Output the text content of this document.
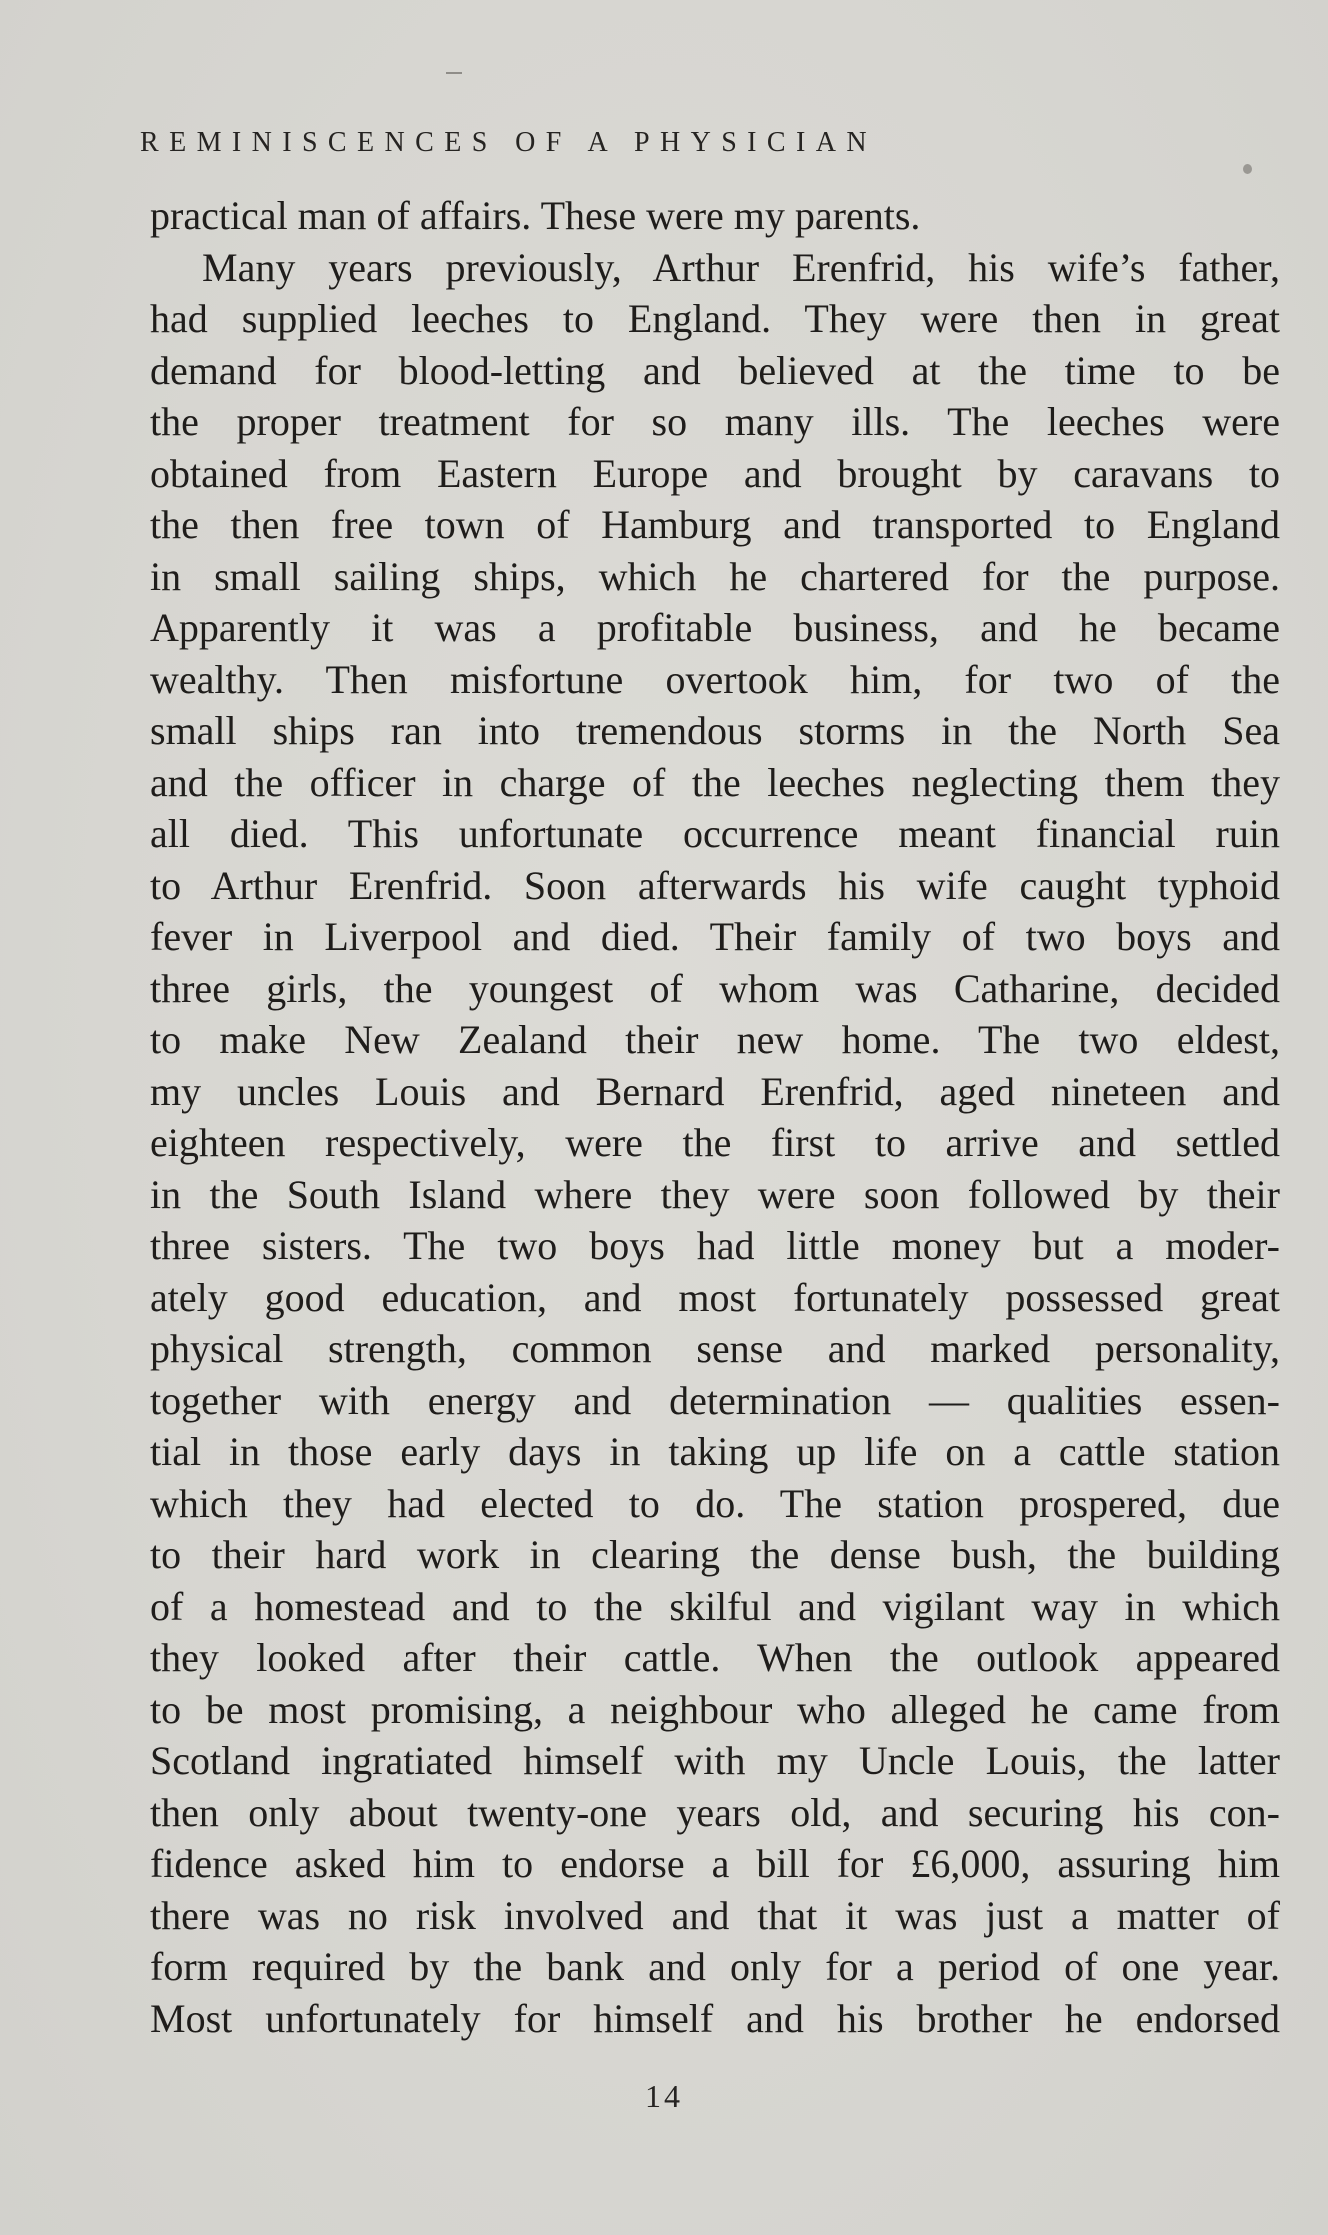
REMINISCENCES OF A PHYSICIAN
practical man of affairs. These were my parents.
Many years previously, Arthur Erenfrid, his wife’s father,
had supplied leeches to England. They were then in great
demand for blood-letting and believed at the time to be
the proper treatment for so many ills. The leeches were
obtained from Eastern Europe and brought by caravans to
the then free town of Hamburg and transported to England
in small sailing ships, which he chartered for the purpose.
Apparently it was a profitable business, and he became
wealthy. Then misfortune overtook him, for two of the
small ships ran into tremendous storms in the North Sea
and the officer in charge of the leeches neglecting them they
all died. This unfortunate occurrence meant financial ruin
to Arthur Erenfrid. Soon afterwards his wife caught typhoid
fever in Liverpool and died. Their family of two boys and
three girls, the youngest of whom was Catharine, decided
to make New Zealand their new home. The two eldest,
my uncles Louis and Bernard Erenfrid, aged nineteen and
eighteen respectively, were the first to arrive and settled
in the South Island where they were soon followed by their
three sisters. The two boys had little money but a moder-
ately good education, and most fortunately possessed great
physical strength, common sense and marked personality,
together with energy and determination — qualities essen-
tial in those early days in taking up life on a cattle station
which they had elected to do. The station prospered, due
to their hard work in clearing the dense bush, the building
of a homestead and to the skilful and vigilant way in which
they looked after their cattle. When the outlook appeared
to be most promising, a neighbour who alleged he came from
Scotland ingratiated himself with my Uncle Louis, the latter
then only about twenty-one years old, and securing his con-
fidence asked him to endorse a bill for £6,000, assuring him
there was no risk involved and that it was just a matter of
form required by the bank and only for a period of one year.
Most unfortunately for himself and his brother he endorsed
14
